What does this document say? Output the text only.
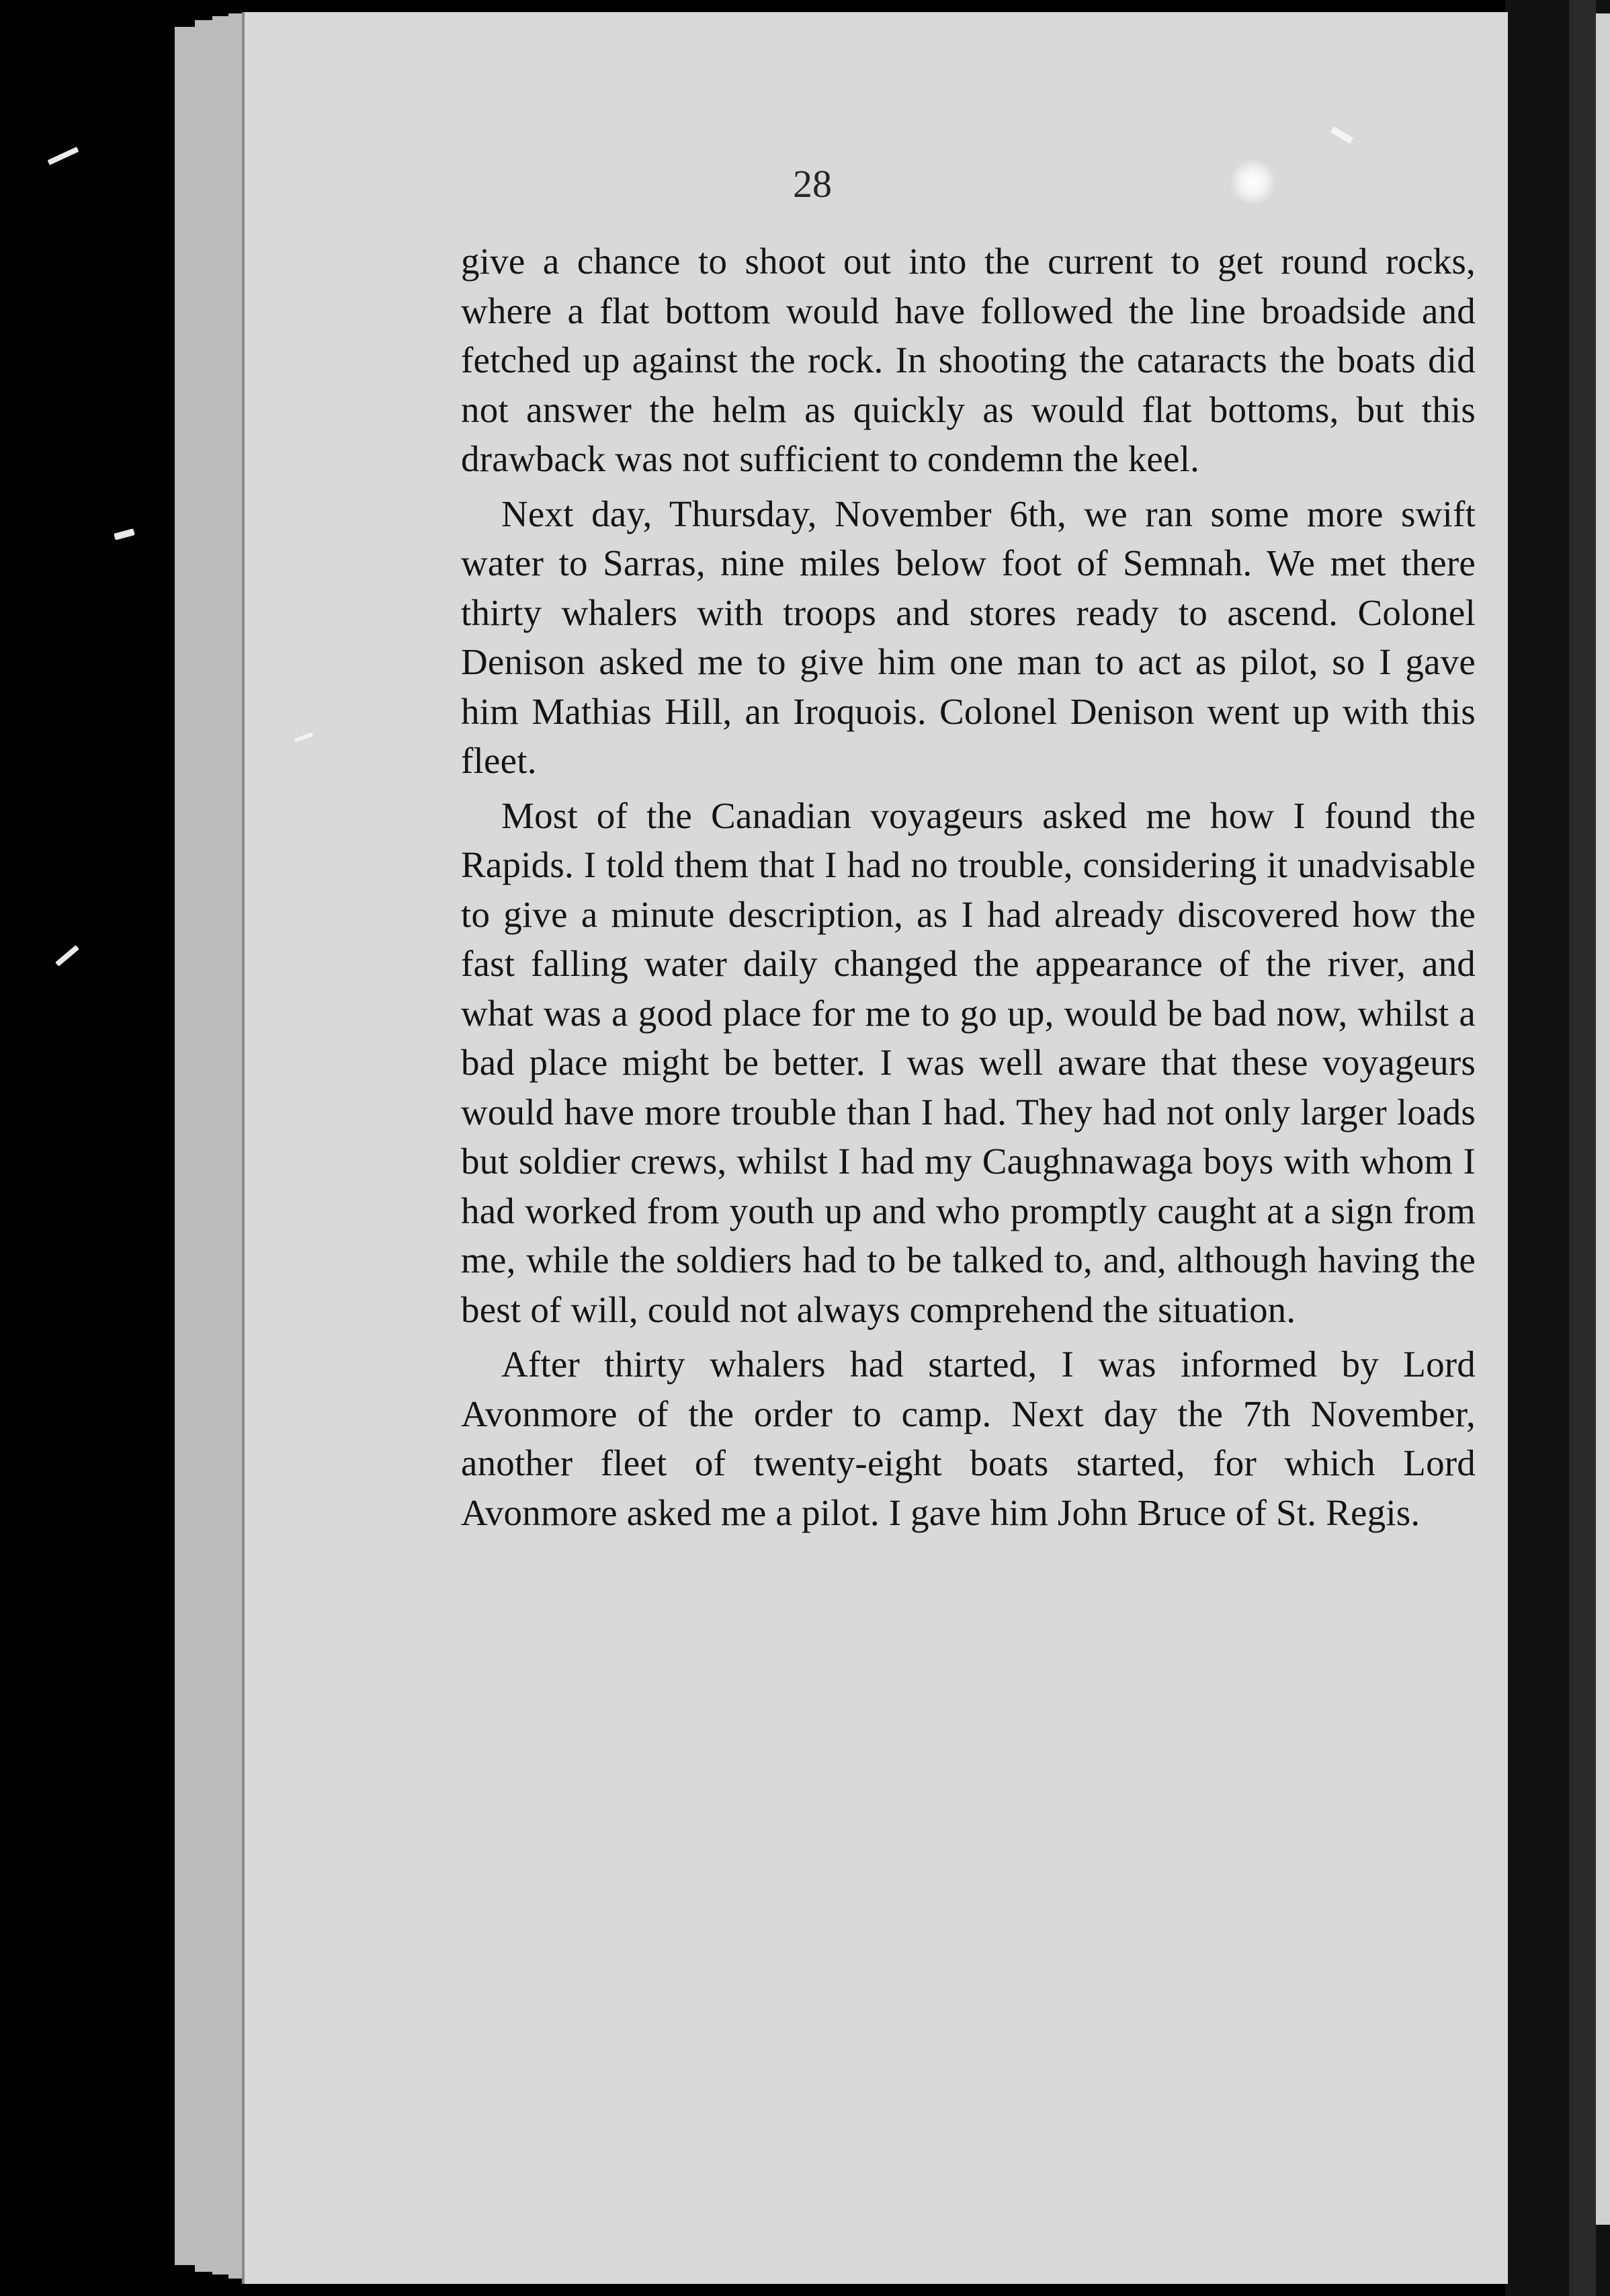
28

give a chance to shoot out into the current to get round rocks, where a flat bottom would have followed the line broadside and fetched up against the rock. In shooting the cataracts the boats did not answer the helm as quickly as would flat bottoms, but this drawback was not sufficient to condemn the keel.

Next day, Thursday, November 6th, we ran some more swift water to Sarras, nine miles below foot of Semnah. We met there thirty whalers with troops and stores ready to ascend. Colonel Denison asked me to give him one man to act as pilot, so I gave him Mathias Hill, an Iroquois. Colonel Denison went up with this fleet.

Most of the Canadian voyageurs asked me how I found the Rapids. I told them that I had no trouble, considering it unadvisable to give a minute description, as I had already discovered how the fast falling water daily changed the appearance of the river, and what was a good place for me to go up, would be bad now, whilst a bad place might be better. I was well aware that these voyageurs would have more trouble than I had. They had not only larger loads but soldier crews, whilst I had my Caughnawaga boys with whom I had worked from youth up and who promptly caught at a sign from me, while the soldiers had to be talked to, and, although having the best of will, could not always comprehend the situation.

After thirty whalers had started, I was informed by Lord Avonmore of the order to camp. Next day the 7th November, another fleet of twenty-eight boats started, for which Lord Avonmore asked me a pilot. I gave him John Bruce of St. Regis.
